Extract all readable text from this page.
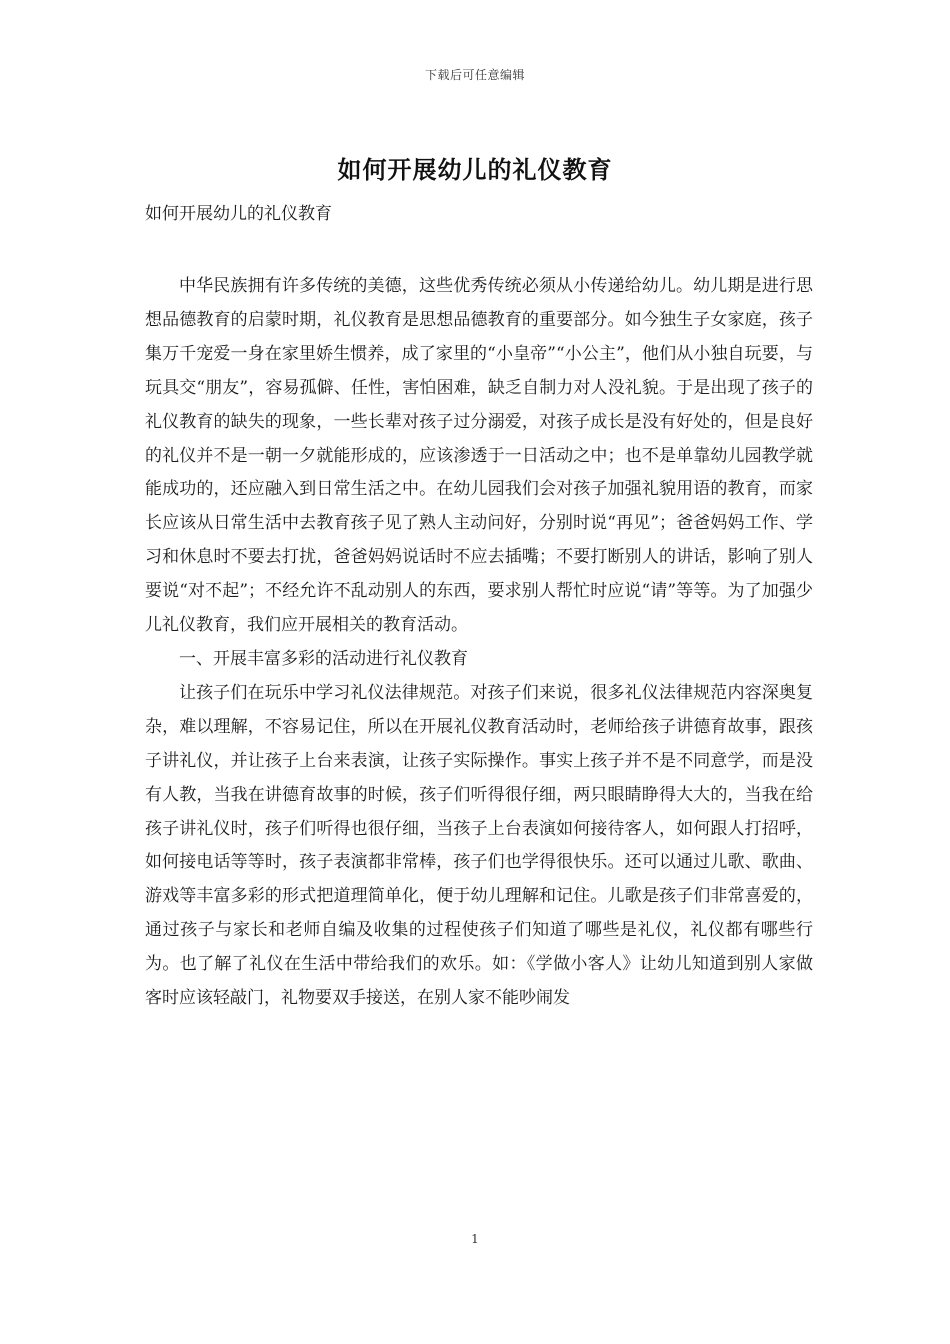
下载后可任意编辑
如何开展幼儿的礼仪教育
如何开展幼儿的礼仪教育

中华民族拥有许多传统的美德，这些优秀传统必须从小传递给幼儿。幼儿期是进行思想品德教育的启蒙时期，礼仪教育是思想品德教育的重要部分。如今独生子女家庭，孩子集万千宠爱一身在家里娇生惯养，成了家里的“小皇帝”“小公主”，他们从小独自玩要，与玩具交“朋友”，容易孤僻、任性，害怕困难，缺乏自制力对人没礼貌。于是出现了孩子的礼仪教育的缺失的现象，一些长辈对孩子过分溺爱，对孩子成长是没有好处的，但是良好的礼仪并不是一朝一夕就能形成的，应该渗透于一日活动之中；也不是单靠幼儿园教学就能成功的，还应融入到日常生活之中。在幼儿园我们会对孩子加强礼貌用语的教育，而家长应该从日常生活中去教育孩子见了熟人主动问好，分别时说“再见”；爸爸妈妈工作、学习和休息时不要去打扰，爸爸妈妈说话时不应去插嘴；不要打断别人的讲话，影响了别人要说“对不起”；不经允许不乱动别人的东西，要求别人帮忙时应说“请”等等。为了加强少儿礼仪教育，我们应开展相关的教育活动。

一、开展丰富多彩的活动进行礼仪教育

让孩子们在玩乐中学习礼仪法律规范。对孩子们来说，很多礼仪法律规范内容深奥复杂，难以理解，不容易记住，所以在开展礼仪教育活动时，老师给孩子讲德育故事，跟孩子讲礼仪，并让孩子上台来表演，让孩子实际操作。事实上孩子并不是不同意学，而是没有人教，当我在讲德育故事的时候，孩子们听得很仔细，两只眼睛睁得大大的，当我在给孩子讲礼仪时，孩子们听得也很仔细，当孩子上台表演如何接待客人，如何跟人打招呼，如何接电话等等时，孩子表演都非常棒，孩子们也学得很快乐。还可以通过儿歌、歌曲、游戏等丰富多彩的形式把道理简单化，便于幼儿理解和记住。儿歌是孩子们非常喜爱的，通过孩子与家长和老师自编及收集的过程使孩子们知道了哪些是礼仪，礼仪都有哪些行为。也了解了礼仪在生活中带给我们的欢乐。如：《学做小客人》让幼儿知道到别人家做客时应该轻敲门，礼物要双手接送，在别人家不能吵闹发

1
